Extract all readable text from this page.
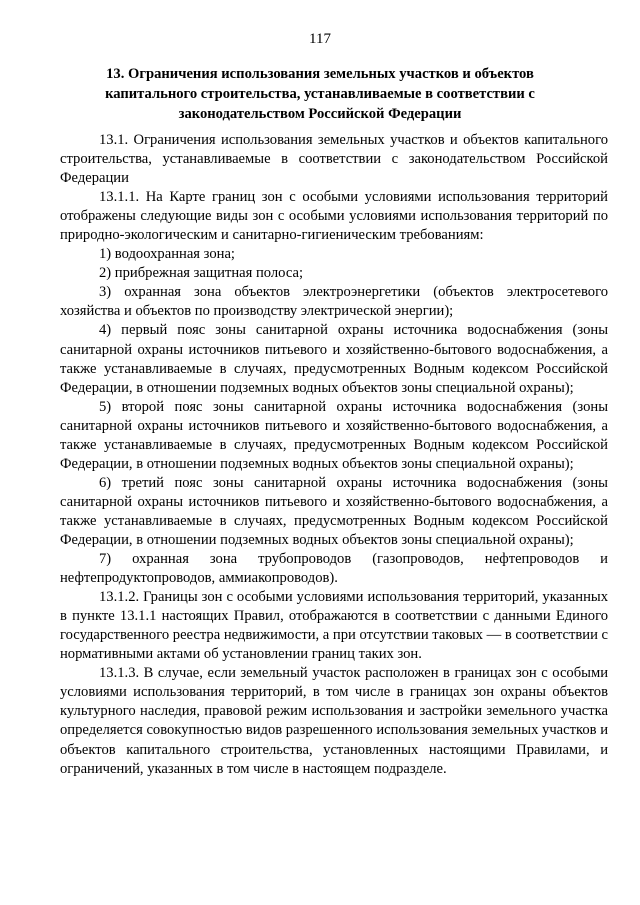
117
13. Ограничения использования земельных участков и объектов капитального строительства, устанавливаемые в соответствии с законодательством Российской Федерации

13.1. Ограничения использования земельных участков и объектов капитального строительства, устанавливаемые в соответствии с законодательством Российской Федерации

13.1.1. На Карте границ зон с особыми условиями использования территорий отображены следующие виды зон с особыми условиями использования территорий по природно-экологическим и санитарно-гигиеническим требованиям:

1) водоохранная зона;

2) прибрежная защитная полоса;

3) охранная зона объектов электроэнергетики (объектов электросетевого хозяйства и объектов по производству электрической энергии);

4) первый пояс зоны санитарной охраны источника водоснабжения (зоны санитарной охраны источников питьевого и хозяйственно-бытового водоснабжения, а также устанавливаемые в случаях, предусмотренных Водным кодексом Российской Федерации, в отношении подземных водных объектов зоны специальной охраны);

5) второй пояс зоны санитарной охраны источника водоснабжения (зоны санитарной охраны источников питьевого и хозяйственно-бытового водоснабжения, а также устанавливаемые в случаях, предусмотренных Водным кодексом Российской Федерации, в отношении подземных водных объектов зоны специальной охраны);

6) третий пояс зоны санитарной охраны источника водоснабжения (зоны санитарной охраны источников питьевого и хозяйственно-бытового водоснабжения, а также устанавливаемые в случаях, предусмотренных Водным кодексом Российской Федерации, в отношении подземных водных объектов зоны специальной охраны);

7) охранная зона трубопроводов (газопроводов, нефтепроводов и нефтепродуктопроводов, аммиакопроводов).

13.1.2. Границы зон с особыми условиями использования территорий, указанных в пункте 13.1.1 настоящих Правил, отображаются в соответствии с данными Единого государственного реестра недвижимости, а при отсутствии таковых — в соответствии с нормативными актами об установлении границ таких зон.

13.1.3. В случае, если земельный участок расположен в границах зон с особыми условиями использования территорий, в том числе в границах зон охраны объектов культурного наследия, правовой режим использования и застройки земельного участка определяется совокупностью видов разрешенного использования земельных участков и объектов капитального строительства, установленных настоящими Правилами, и ограничений, указанных в том числе в настоящем подразделе.
